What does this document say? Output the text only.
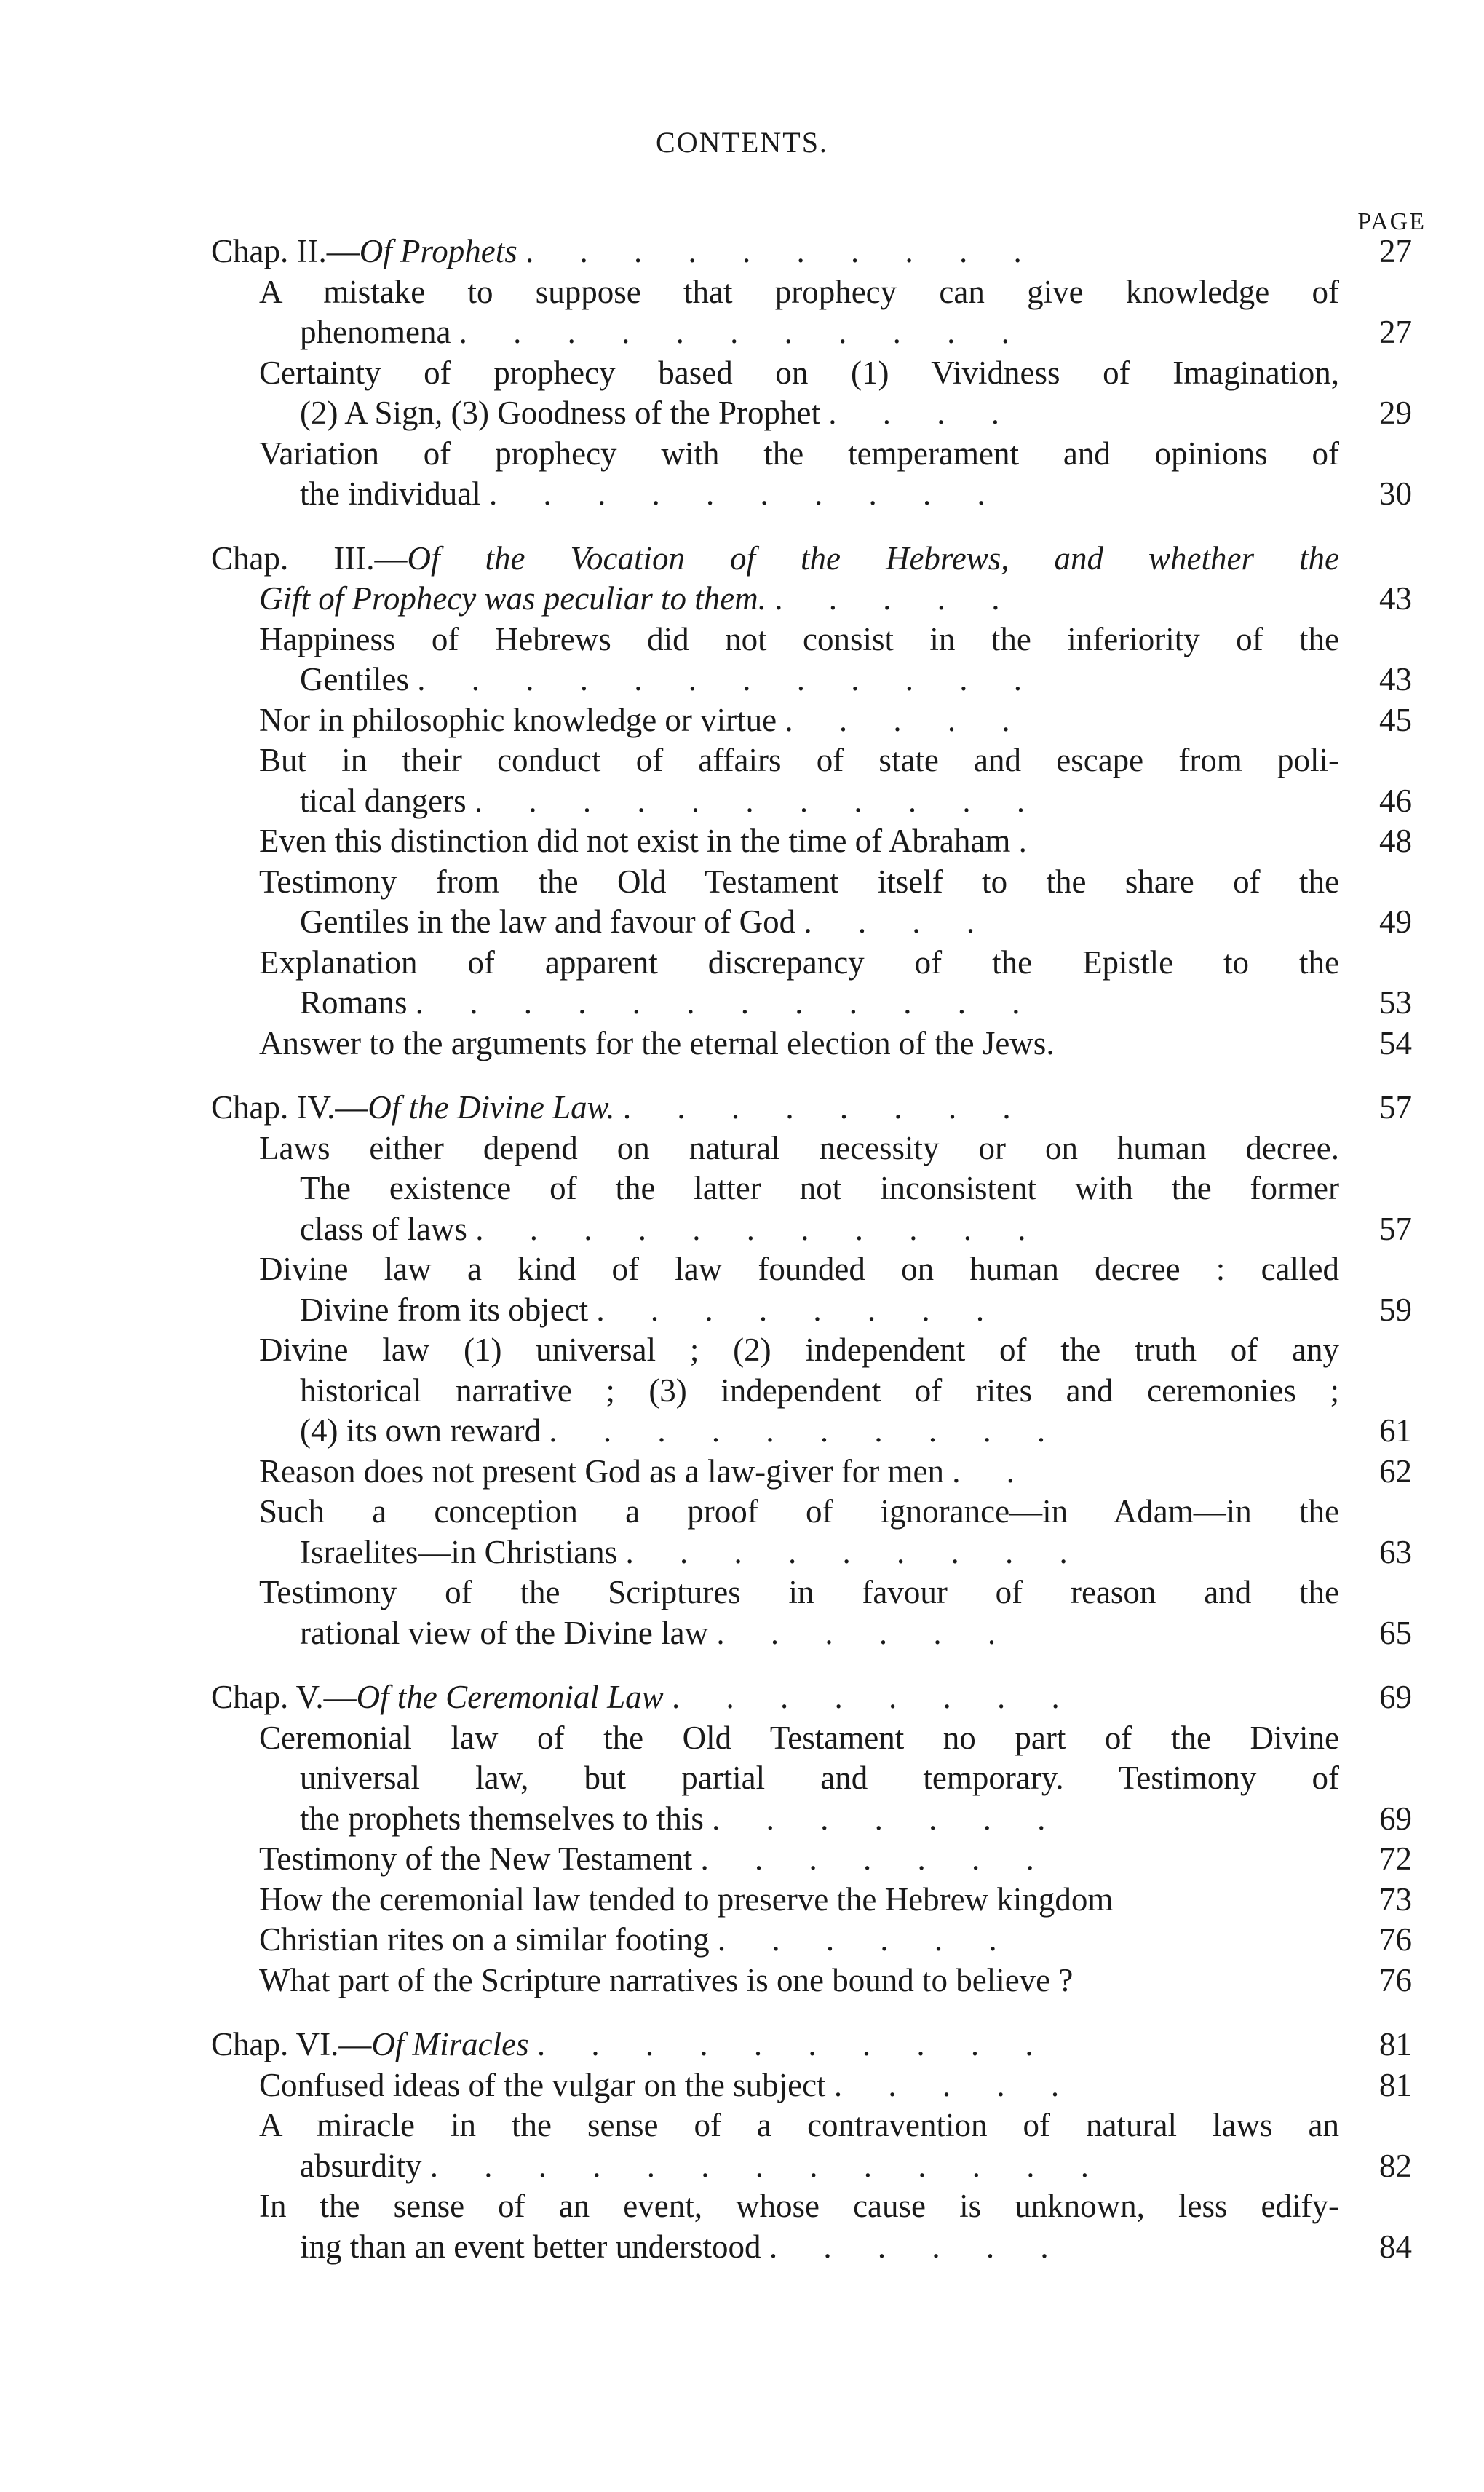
CONTENTS.
PAGE
Chap. II.—Of Prophets . . . . . . . . . .	27
A mistake to suppose that prophecy can give knowledge of
phenomena . . . . . . . . . . .	27
Certainty of prophecy based on (1) Vividness of Imagination,
(2) A Sign, (3) Goodness of the Prophet . . . .	29
Variation of prophecy with the temperament and opinions of
the individual . . . . . . . . . .	30
Chap. III.—Of the Vocation of the Hebrews, and whether the
Gift of Prophecy was peculiar to them. . . . . .	43
Happiness of Hebrews did not consist in the inferiority of the
Gentiles . . . . . . . . . . . .	43
Nor in philosophic knowledge or virtue . . . . .	45
But in their conduct of affairs of state and escape from poli-
tical dangers . . . . . . . . . . .	46
Even this distinction did not exist in the time of Abraham .	48
Testimony from the Old Testament itself to the share of the
Gentiles in the law and favour of God . . . .	49
Explanation of apparent discrepancy of the Epistle to the
Romans . . . . . . . . . . . .	53
Answer to the arguments for the eternal election of the Jews.	54
Chap. IV.—Of the Divine Law. . . . . . . . .	57
Laws either depend on natural necessity or on human decree.
The existence of the latter not inconsistent with the former
class of laws . . . . . . . . . . .	57
Divine law a kind of law founded on human decree : called
Divine from its object . . . . . . . .	59
Divine law (1) universal ; (2) independent of the truth of any
historical narrative ; (3) independent of rites and ceremonies ;
(4) its own reward . . . . . . . . . .	61
Reason does not present God as a law-giver for men . .	62
Such a conception a proof of ignorance—in Adam—in the
Israelites—in Christians . . . . . . . . .	63
Testimony of the Scriptures in favour of reason and the
rational view of the Divine law . . . . . .	65
Chap. V.—Of the Ceremonial Law . . . . . . . .	69
Ceremonial law of the Old Testament no part of the Divine
universal law, but partial and temporary. Testimony of
the prophets themselves to this . . . . . . .	69
Testimony of the New Testament . . . . . . .	72
How the ceremonial law tended to preserve the Hebrew kingdom	73
Christian rites on a similar footing . . . . . .	76
What part of the Scripture narratives is one bound to believe ?	76
Chap. VI.—Of Miracles . . . . . . . . . .	81
Confused ideas of the vulgar on the subject . . . . .	81
A miracle in the sense of a contravention of natural laws an
absurdity . . . . . . . . . . . . .	82
In the sense of an event, whose cause is unknown, less edify-
ing than an event better understood . . . . . .	84
